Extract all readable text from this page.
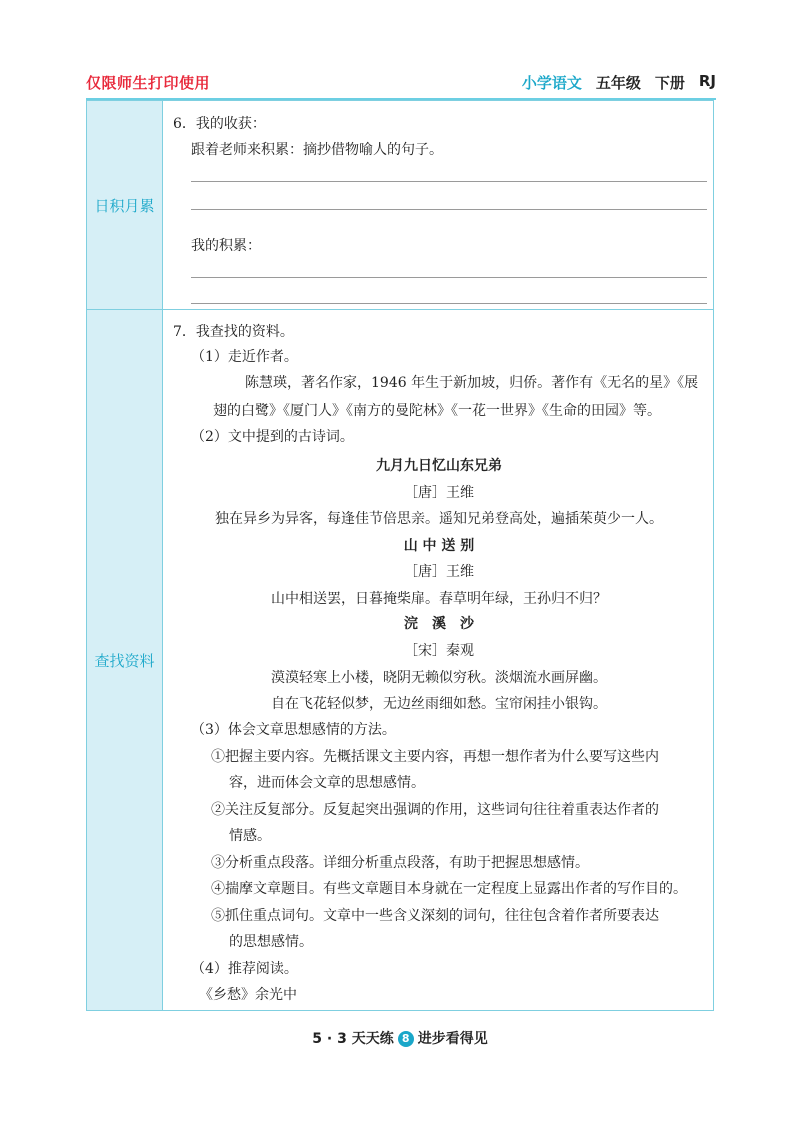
仅限师生打印使用	小学语文 五年级 下册 RJ
日积月累
6．我的收获：
跟着老师来积累：摘抄借物喻人的句子。
我的积累：
查找资料
7．我查找的资料。
（1）走近作者。
陈慧瑛，著名作家，1946 年生于新加坡，归侨。著作有《无名的星》《展
翅的白鹭》《厦门人》《南方的曼陀林》《一花一世界》《生命的田园》等。
（2）文中提到的古诗词。
九月九日忆山东兄弟
［唐］王维
独在异乡为异客，每逢佳节倍思亲。遥知兄弟登高处，遍插茱萸少一人。
山 中 送 别
［唐］王维
山中相送罢，日暮掩柴扉。春草明年绿，王孙归不归？
浣　溪　沙
［宋］秦观
漠漠轻寒上小楼，晓阴无赖似穷秋。淡烟流水画屏幽。
自在飞花轻似梦，无边丝雨细如愁。宝帘闲挂小银钩。
（3）体会文章思想感情的方法。
①把握主要内容。先概括课文主要内容，再想一想作者为什么要写这些内
容，进而体会文章的思想感情。
②关注反复部分。反复起突出强调的作用，这些词句往往着重表达作者的
情感。
③分析重点段落。详细分析重点段落，有助于把握思想感情。
④揣摩文章题目。有些文章题目本身就在一定程度上显露出作者的写作目的。
⑤抓住重点词句。文章中一些含义深刻的词句，往往包含着作者所要表达
的思想感情。
（4）推荐阅读。
《乡愁》余光中
5 · 3 天天练 8 进步看得见
